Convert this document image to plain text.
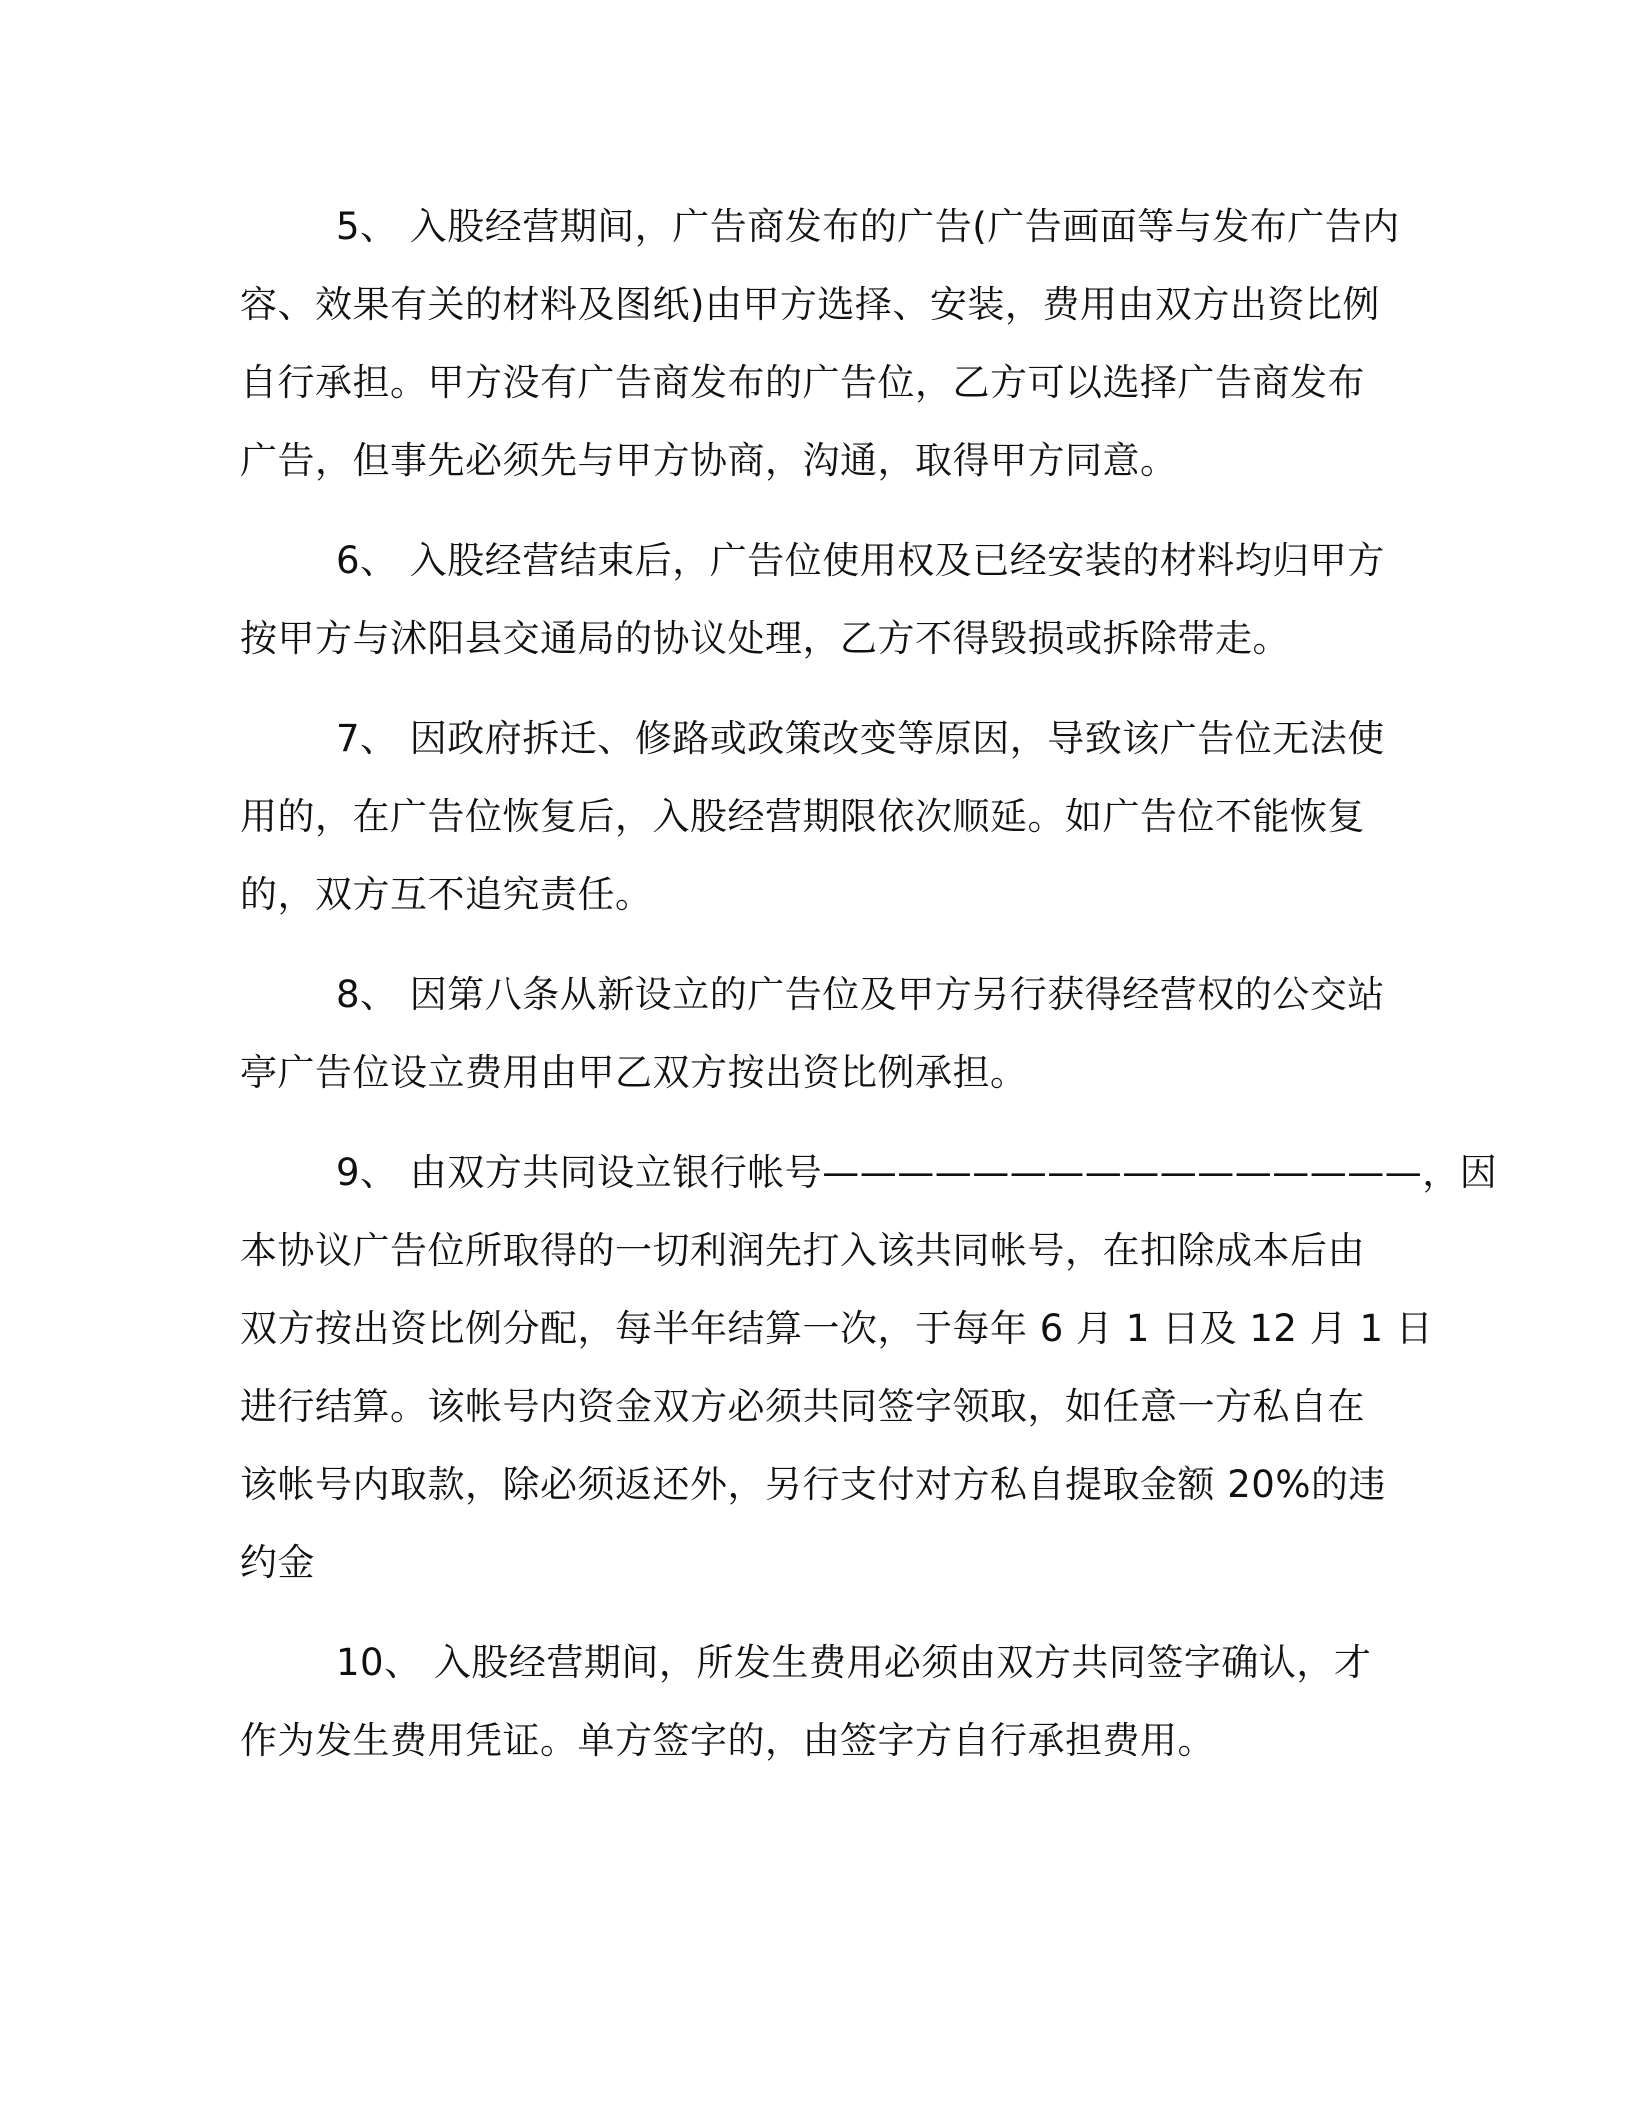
5、 入股经营期间，广告商发布的广告(广告画面等与发布广告内

容、效果有关的材料及图纸)由甲方选择、安装，费用由双方出资比例

自行承担。甲方没有广告商发布的广告位，乙方可以选择广告商发布

广告，但事先必须先与甲方协商，沟通，取得甲方同意。

6、 入股经营结束后，广告位使用权及已经安装的材料均归甲方

按甲方与沭阳县交通局的协议处理，乙方不得毁损或拆除带走。

7、 因政府拆迁、修路或政策改变等原因，导致该广告位无法使

用的，在广告位恢复后，入股经营期限依次顺延。如广告位不能恢复

的，双方互不追究责任。

8、 因第八条从新设立的广告位及甲方另行获得经营权的公交站

亭广告位设立费用由甲乙双方按出资比例承担。

9、 由双方共同设立银行帐号————————————————，因

本协议广告位所取得的一切利润先打入该共同帐号，在扣除成本后由

双方按出资比例分配，每半年结算一次，于每年 6 月 1 日及 12 月 1 日

进行结算。该帐号内资金双方必须共同签字领取，如任意一方私自在

该帐号内取款，除必须返还外，另行支付对方私自提取金额 20%的违

约金

10、 入股经营期间，所发生费用必须由双方共同签字确认，才

作为发生费用凭证。单方签字的，由签字方自行承担费用。
